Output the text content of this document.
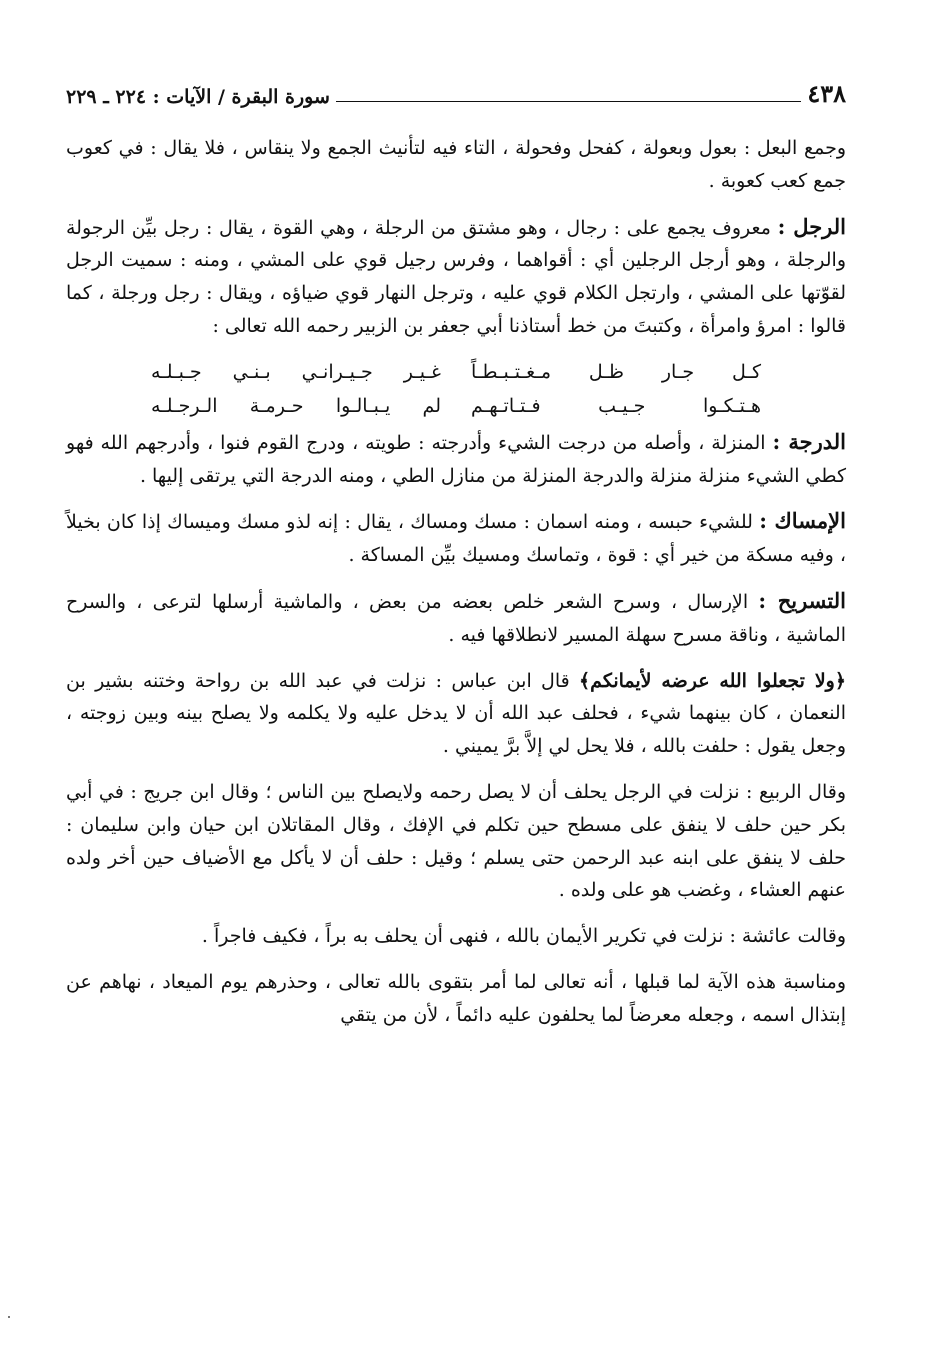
٤٣٨
سورة البقرة / الآيات : ٢٢٤ ـ ٢٢٩

وجمع البعل : بعول وبعولة ، كفحل وفحولة ، التاء فيه لتأنيث الجمع ولا ينقاس ، فلا يقال : في كعوب جمع كعب كعوبة .

الرجل : معروف يجمع على : رجال ، وهو مشتق من الرجلة ، وهي القوة ، يقال : رجل بيِّن الرجولة والرجلة ، وهو أرجل الرجلين أي : أقواهما ، وفرس رجيل قوي على المشي ، ومنه : سميت الرجل لقوّتها على المشي ، وارتجل الكلام قوي عليه ، وترجل النهار قوي ضياؤه ، ويقال : رجل ورجلة ، كما قالوا : امرؤ وامرأة ، وكتبتَ من خط أستاذنا أبي جعفر بن الزبير رحمه الله تعالى :

كـل جـار ظـل مـغـتـبـطـاً
غـيـر جـيـرانـي بـنـي جـبـلـه
هـتـكـوا جـيـب فـتـاتـهـم
لم يـبـالـوا حـرمـة الـرجـلـه

الدرجة : المنزلة ، وأصله من درجت الشيء وأدرجته : طويته ، ودرج القوم فنوا ، وأدرجهم الله فهو كطي الشيء منزلة منزلة والدرجة المنزلة من منازل الطي ، ومنه الدرجة التي يرتقى إليها .

الإمساك : للشيء حبسه ، ومنه اسمان : مسك ومساك ، يقال : إنه لذو مسك وميساك إذا كان بخيلاً ، وفيه مسكة من خير أي : قوة ، وتماسك ومسيك بيِّن المساكة .

التسريح : الإرسال ، وسرح الشعر خلص بعضه من بعض ، والماشية أرسلها لترعى ، والسرح الماشية ، وناقة مسرح سهلة المسير لانطلاقها فيه .

﴿ولا تجعلوا الله عرضه لأيمانكم﴾ قال ابن عباس : نزلت في عبد الله بن رواحة وختنه بشير بن النعمان ، كان بينهما شيء ، فحلف عبد الله أن لا يدخل عليه ولا يكلمه ولا يصلح بينه وبين زوجته ، وجعل يقول : حلفت بالله ، فلا يحل لي إلاَّ برَّ يميني .

وقال الربيع : نزلت في الرجل يحلف أن لا يصل رحمه ولايصلح بين الناس ؛ وقال ابن جريج : في أبي بكر حين حلف لا ينفق على مسطح حين تكلم في الإفك ، وقال المقاتلان ابن حيان وابن سليمان : حلف لا ينفق على ابنه عبد الرحمن حتى يسلم ؛ وقيل : حلف أن لا يأكل مع الأضياف حين أخر ولده عنهم العشاء ، وغضب هو على ولده .

وقالت عائشة : نزلت في تكرير الأيمان بالله ، فنهى أن يحلف به براً ، فكيف فاجراً .

ومناسبة هذه الآية لما قبلها ، أنه تعالى لما أمر بتقوى بالله تعالى ، وحذرهم يوم الميعاد ، نهاهم عن إبتذال اسمه ، وجعله معرضاً لما يحلفون عليه دائماً ، لأن من يتقي
